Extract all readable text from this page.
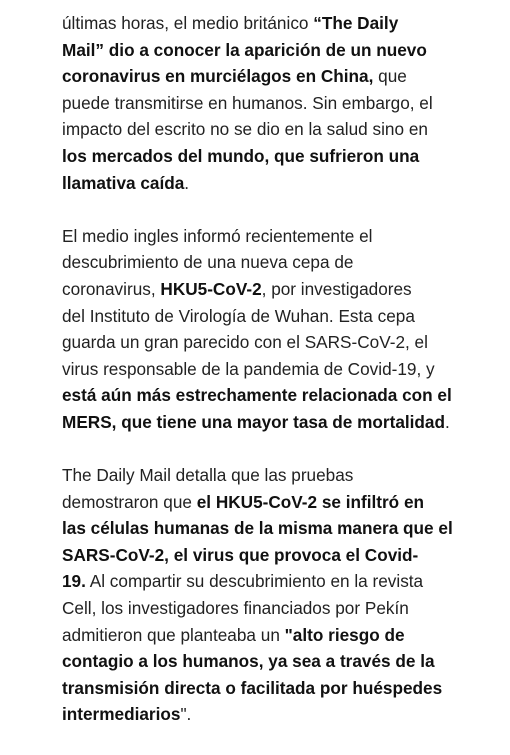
últimas horas, el medio británico “The Daily
Mail” dio a conocer la aparición de un nuevo
coronavirus en murciélagos en China, que
puede transmitirse en humanos. Sin embargo, el
impacto del escrito no se dio en la salud sino en
los mercados del mundo, que sufrieron una
llamativa caída.

El medio ingles informó recientemente el
descubrimiento de una nueva cepa de
coronavirus, HKU5-CoV-2, por investigadores
del Instituto de Virología de Wuhan. Esta cepa
guarda un gran parecido con el SARS-CoV-2, el
virus responsable de la pandemia de Covid-19, y
está aún más estrechamente relacionada con el
MERS, que tiene una mayor tasa de mortalidad.

The Daily Mail detalla que las pruebas
demostraron que el HKU5-CoV-2 se infiltró en
las células humanas de la misma manera que el
SARS-CoV-2, el virus que provoca el Covid-
19. Al compartir su descubrimiento en la revista
Cell, los investigadores financiados por Pekín
admitieron que planteaba un "alto riesgo de
contagio a los humanos, ya sea a través de la
transmisión directa o facilitada por huéspedes
intermediarios".
